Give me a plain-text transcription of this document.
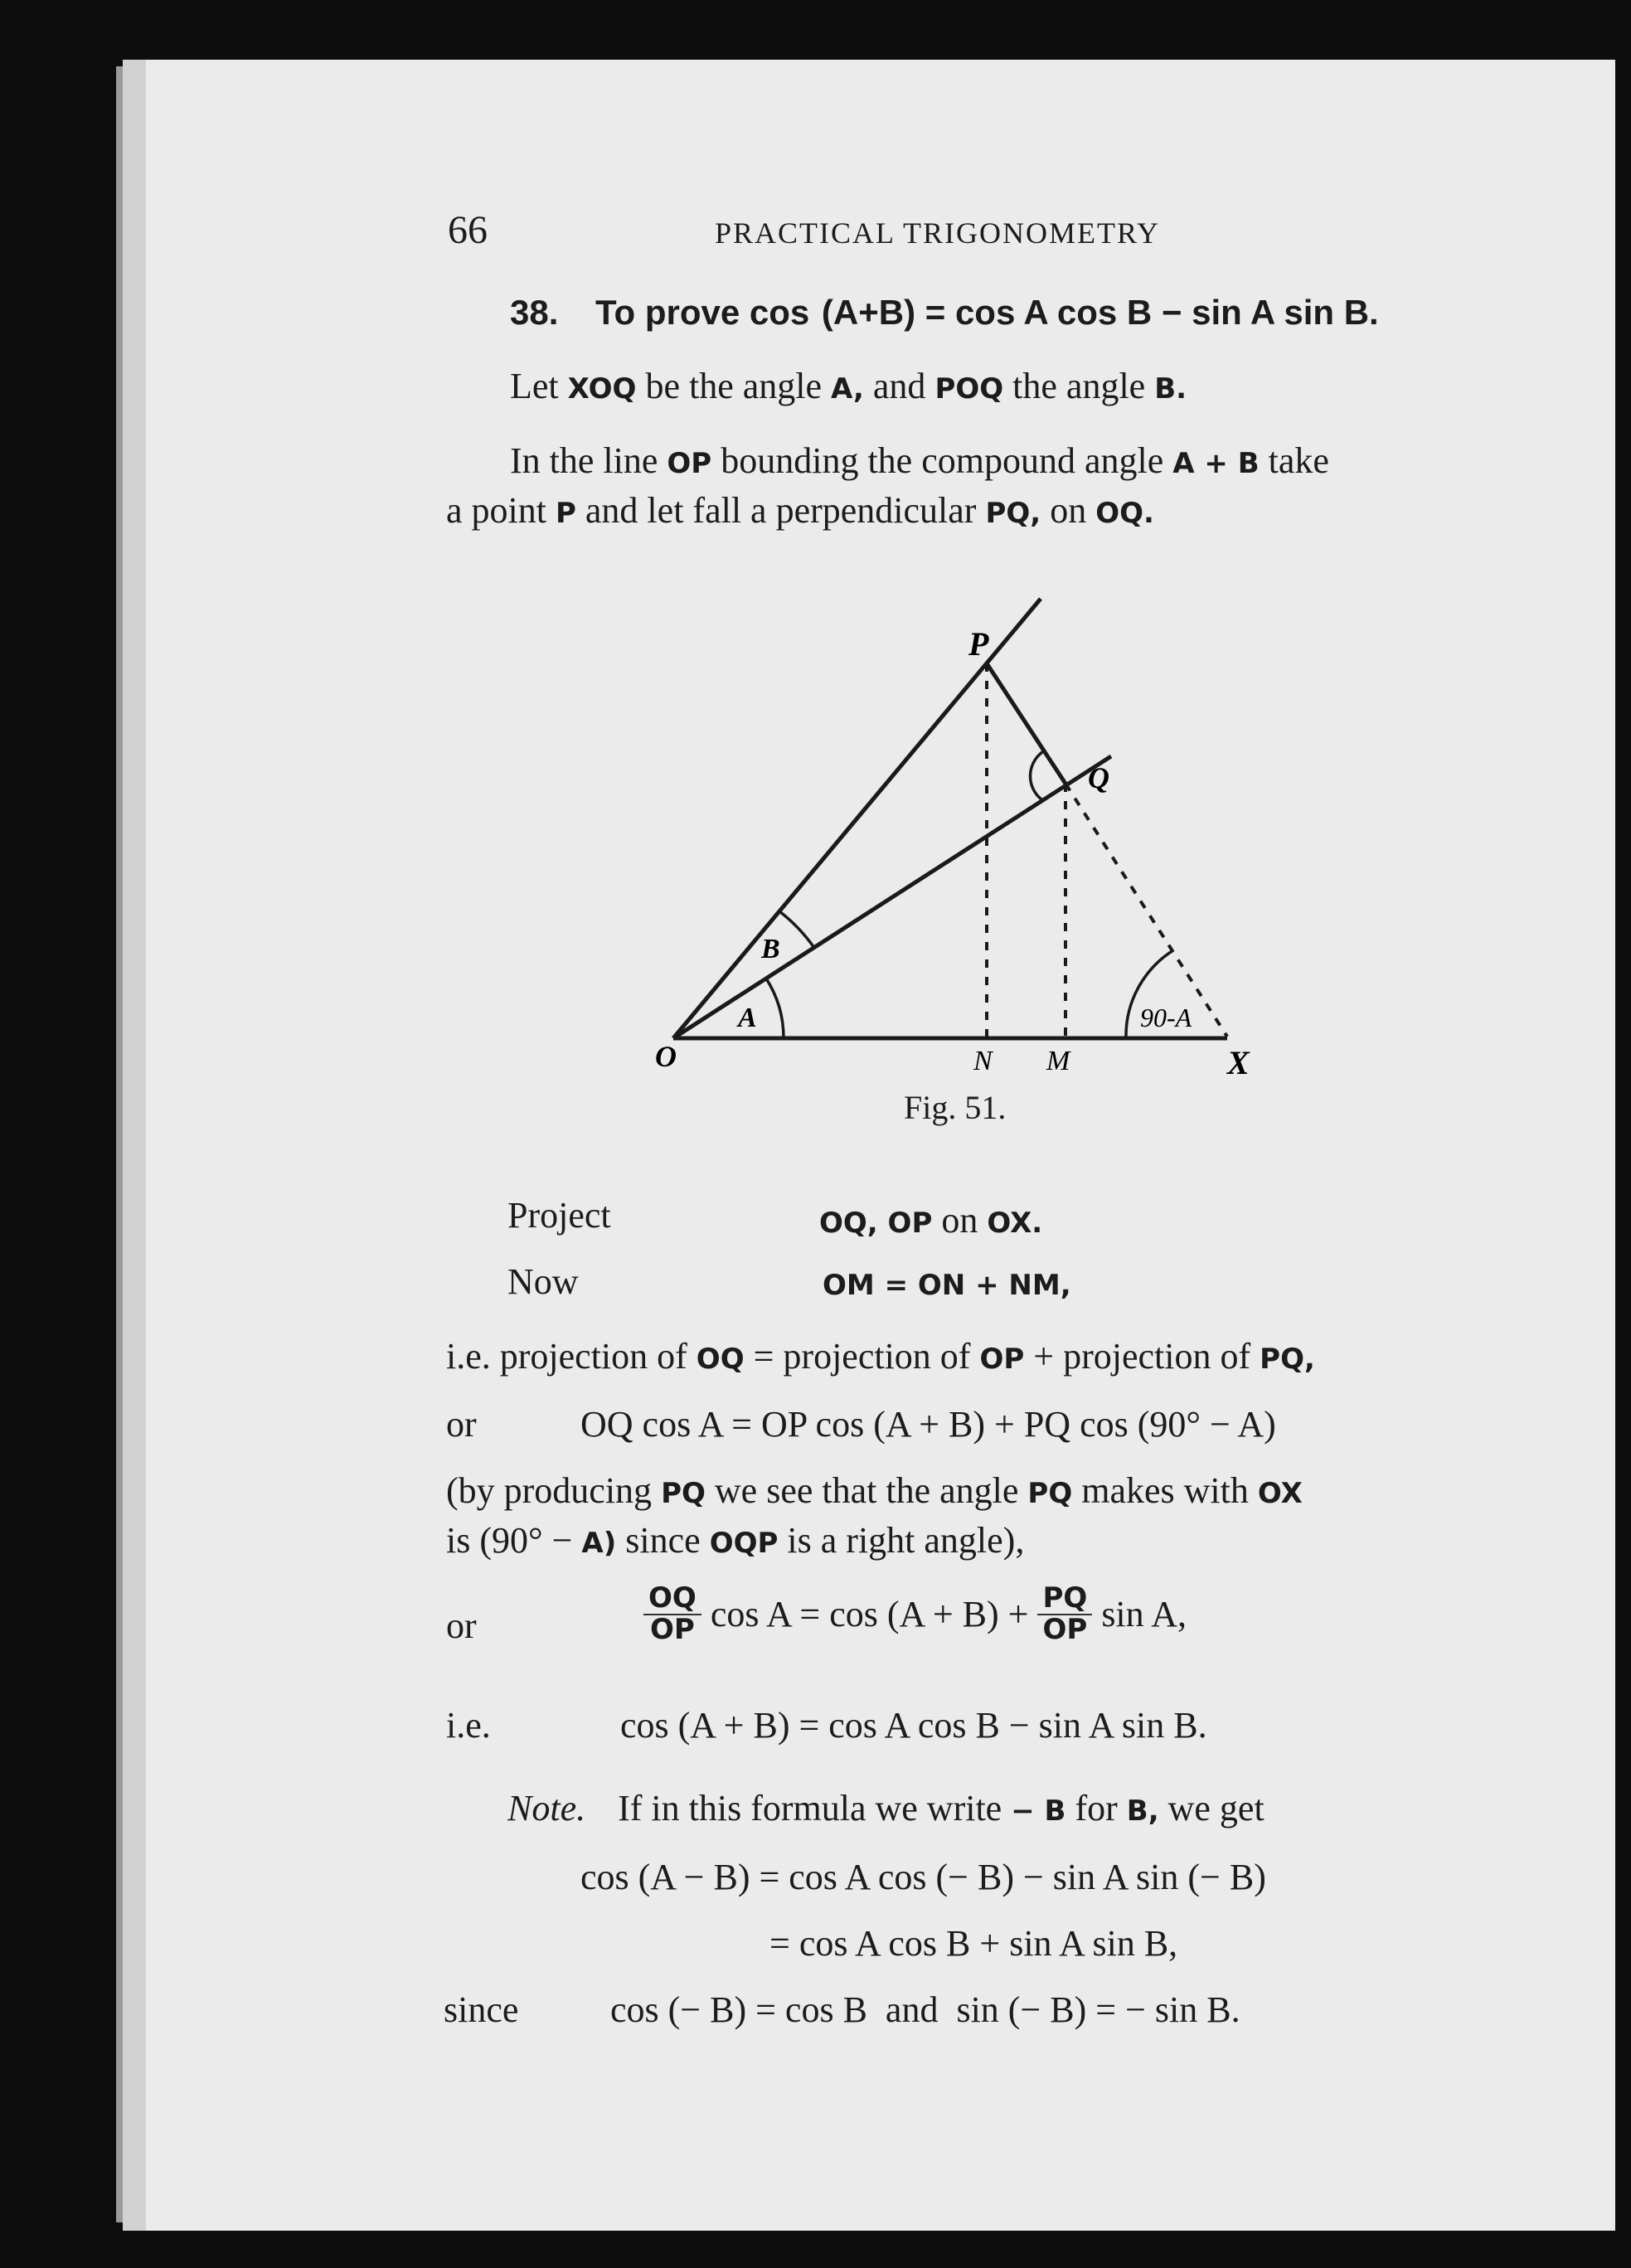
66	PRACTICAL TRIGONOMETRY
38. To prove cos (A+B) = cos A cos B − sin A sin B.
Let XOQ be the angle A, and POQ the angle B.
In the line OP bounding the compound angle A + B take
a point P and let fall a perpendicular PQ, on OQ.
P
Q
B
A
O	N M	X
90-A
Fig. 51.
Project	OQ, OP on OX.
Now	OM = ON + NM,
i.e. projection of OQ = projection of OP + projection of PQ,
or	OQ cos A = OP cos (A + B) + PQ cos (90° − A)
(by producing PQ we see that the angle PQ makes with OX
is (90° − A) since OQP is a right angle),
or	$\frac{OQ}{OP}$ $\cos A = \cos (A + B) + \frac{PQ}{OP}$ sin A,
i.e.	cos (A + B) = cos A cos B − sin A sin B.
Note. If in this formula we write − B for B, we get
cos (A − B) = cos A cos (− B) − sin A sin (− B)
= cos A cos B + sin A sin B,
since	cos (− B) = cos B  and  sin (− B) = − sin B.
